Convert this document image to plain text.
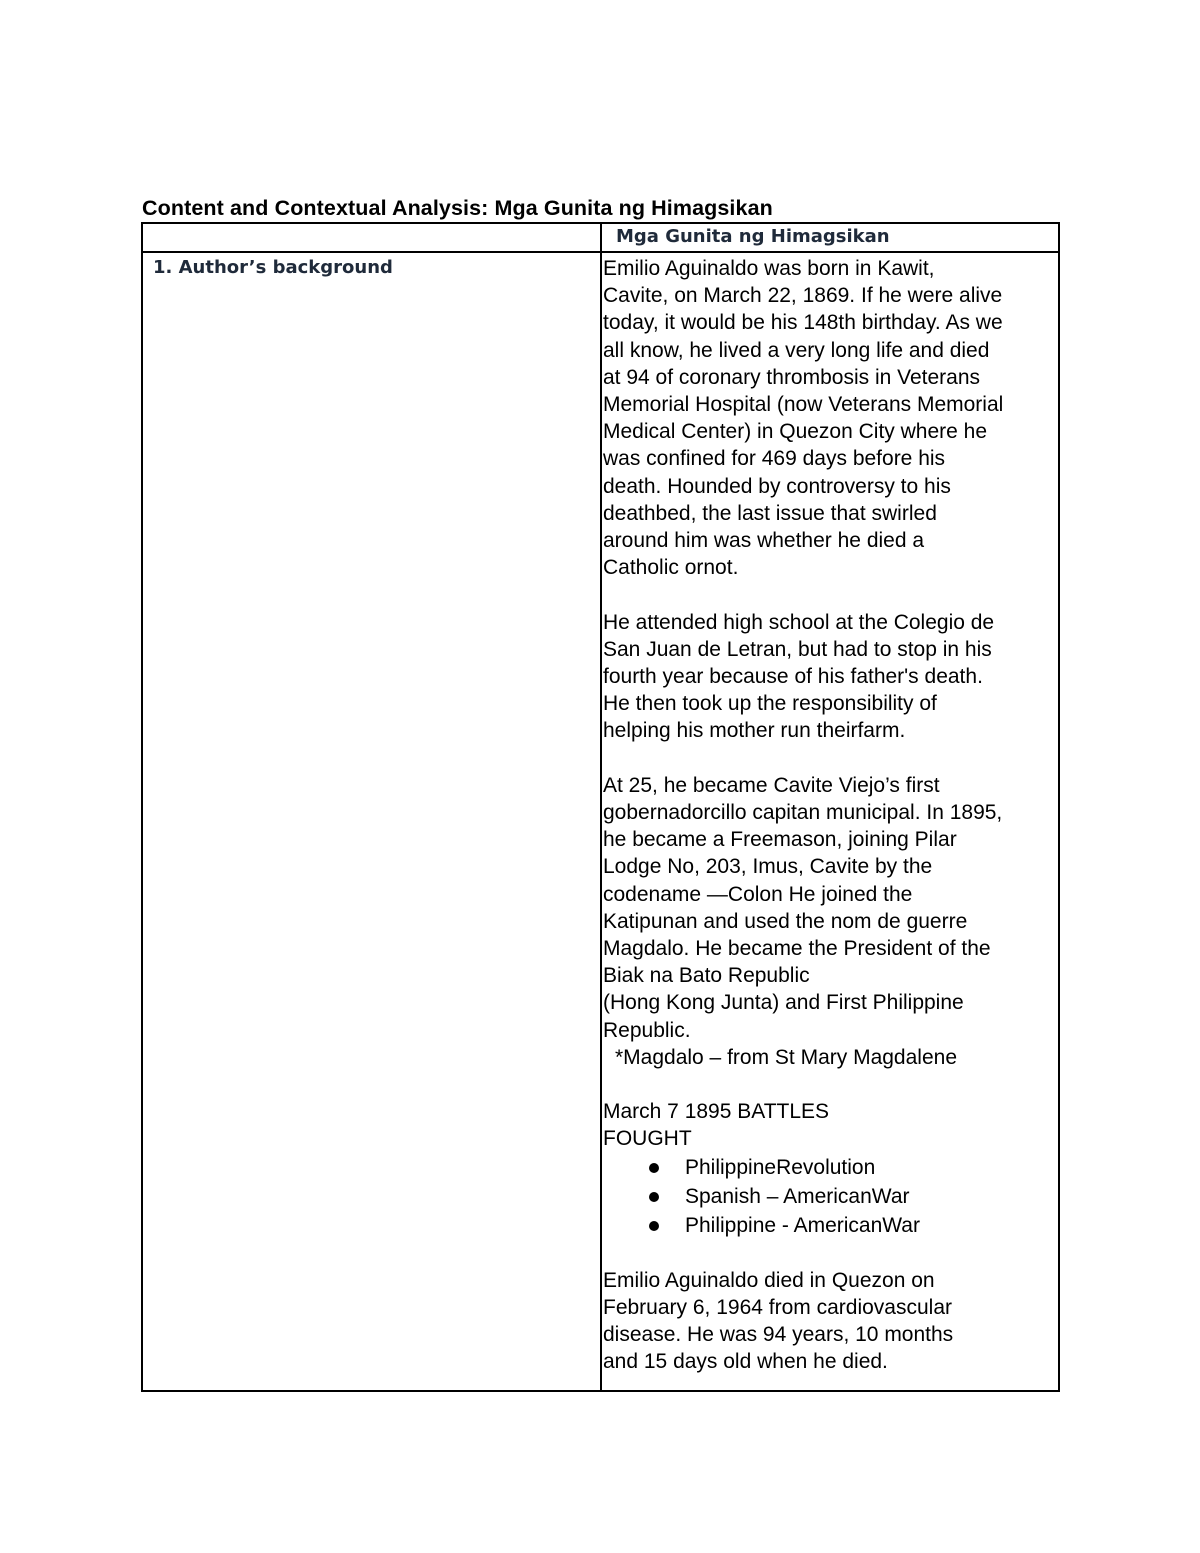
Content and Contextual Analysis: Mga Gunita ng Himagsikan
Mga Gunita ng Himagsikan
1. Author’s background	Emilio Aguinaldo was born in Kawit,

Cavite, on March 22, 1869. If he were alive

today, it would be his 148th birthday. As we

all know, he lived a very long life and died

at 94 of coronary thrombosis in Veterans

Memorial Hospital (now Veterans Memorial

Medical Center) in Quezon City where he

was confined for 469 days before his

death. Hounded by controversy to his

deathbed, the last issue that swirled

around him was whether he died a

Catholic ornot.

He attended high school at the Colegio de

San Juan de Letran, but had to stop in his

fourth year because of his father's death.

He then took up the responsibility of

helping his mother run theirfarm.

At 25, he became Cavite Viejo’s first

gobernadorcillo capitan municipal. In 1895,

he became a Freemason, joining Pilar

Lodge No, 203, Imus, Cavite by the

codename ―Colon He joined the

Katipunan and used the nom de guerre

Magdalo. He became the President of the

Biak na Bato Republic

(Hong Kong Junta) and First Philippine

Republic.

*Magdalo – from St Mary Magdalene

March 7 1895 BATTLES

FOUGHT

PhilippineRevolution
Spanish – AmericanWar
Philippine - AmericanWar

Emilio Aguinaldo died in Quezon on

February 6, 1964 from cardiovascular

disease. He was 94 years, 10 months

and 15 days old when he died.
